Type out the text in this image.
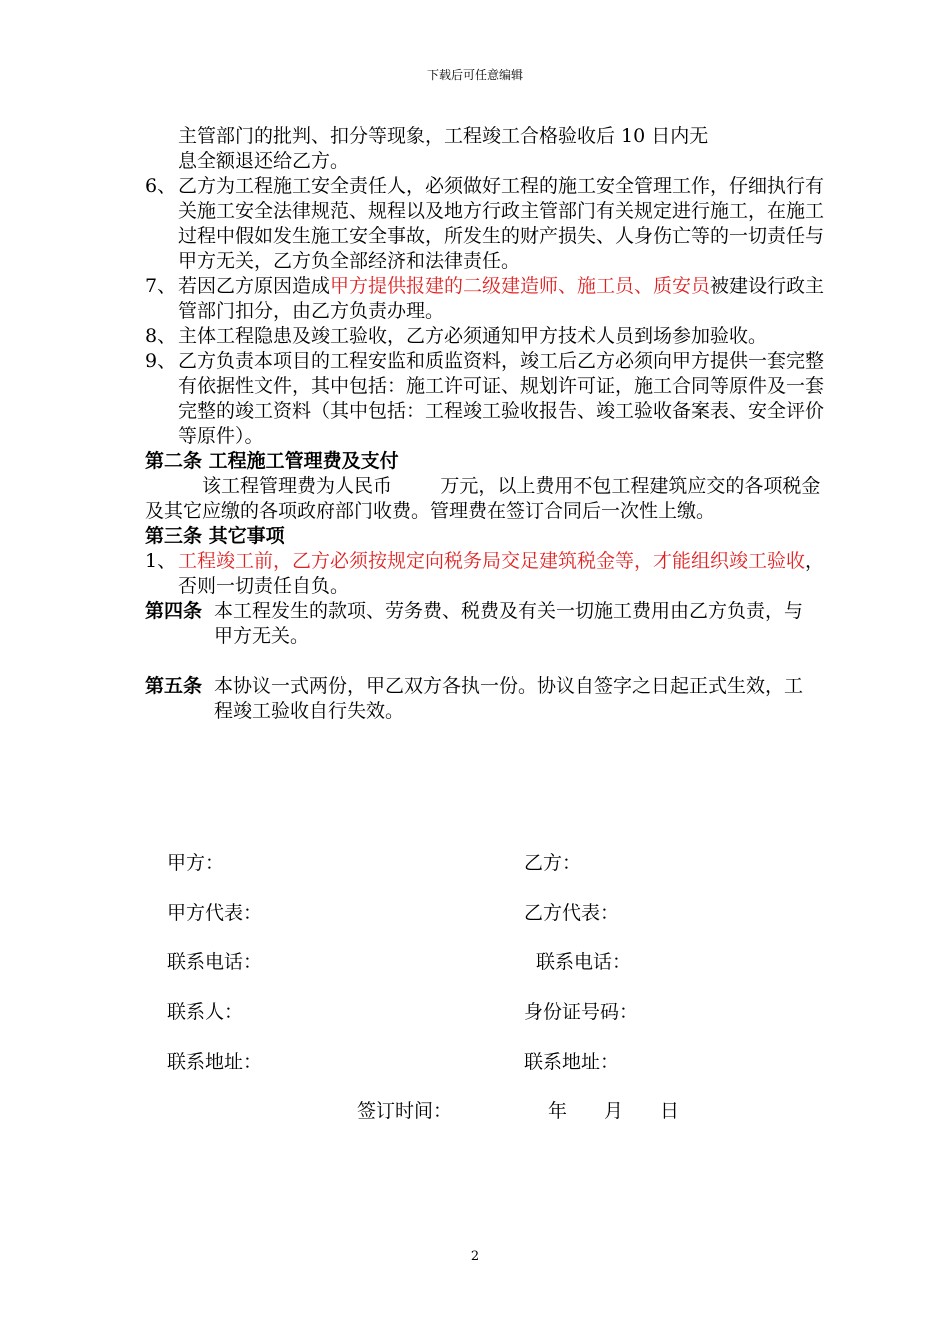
下载后可任意编辑
主管部门的批判、扣分等现象，工程竣工合格验收后 10 日内无
息全额退还给乙方。
6、 乙方为工程施工安全责任人，必须做好工程的施工安全管理工作，仔细执行有关施工安全法律规范、规程以及地方行政主管部门有关规定进行施工，在施工过程中假如发生施工安全事故，所发生的财产损失、人身伤亡等的一切责任与甲方无关，乙方负全部经济和法律责任。
7、 若因乙方原因造成甲方提供报建的二级建造师、施工员、质安员被建设行政主管部门扣分，由乙方负责办理。
8、 主体工程隐患及竣工验收，乙方必须通知甲方技术人员到场参加验收。
9、 乙方负责本项目的工程安监和质监资料，竣工后乙方必须向甲方提供一套完整有依据性文件，其中包括：施工许可证、规划许可证，施工合同等原件及一套完整的竣工资料（其中包括：工程竣工验收报告、竣工验收备案表、安全评价等原件）。
第二条 工程施工管理费及支付
该工程管理费为人民币        万元，以上费用不包工程建筑应交的各项税金及其它应缴的各项政府部门收费。管理费在签订合同后一次性上缴。
第三条 其它事项
1、 工程竣工前，乙方必须按规定向税务局交足建筑税金等，才能组织竣工验收，否则一切责任自负。
第四条 本工程发生的款项、劳务费、税费及有关一切施工费用由乙方负责，与甲方无关。
第五条 本协议一式两份，甲乙双方各执一份。协议自签字之日起正式生效，工程竣工验收自行失效。
甲方：	乙方：
甲方代表：	乙方代表：
联系电话：	联系电话：
联系人：	身份证号码：
联系地址：	联系地址：
签订时间：	年 月 日
2
